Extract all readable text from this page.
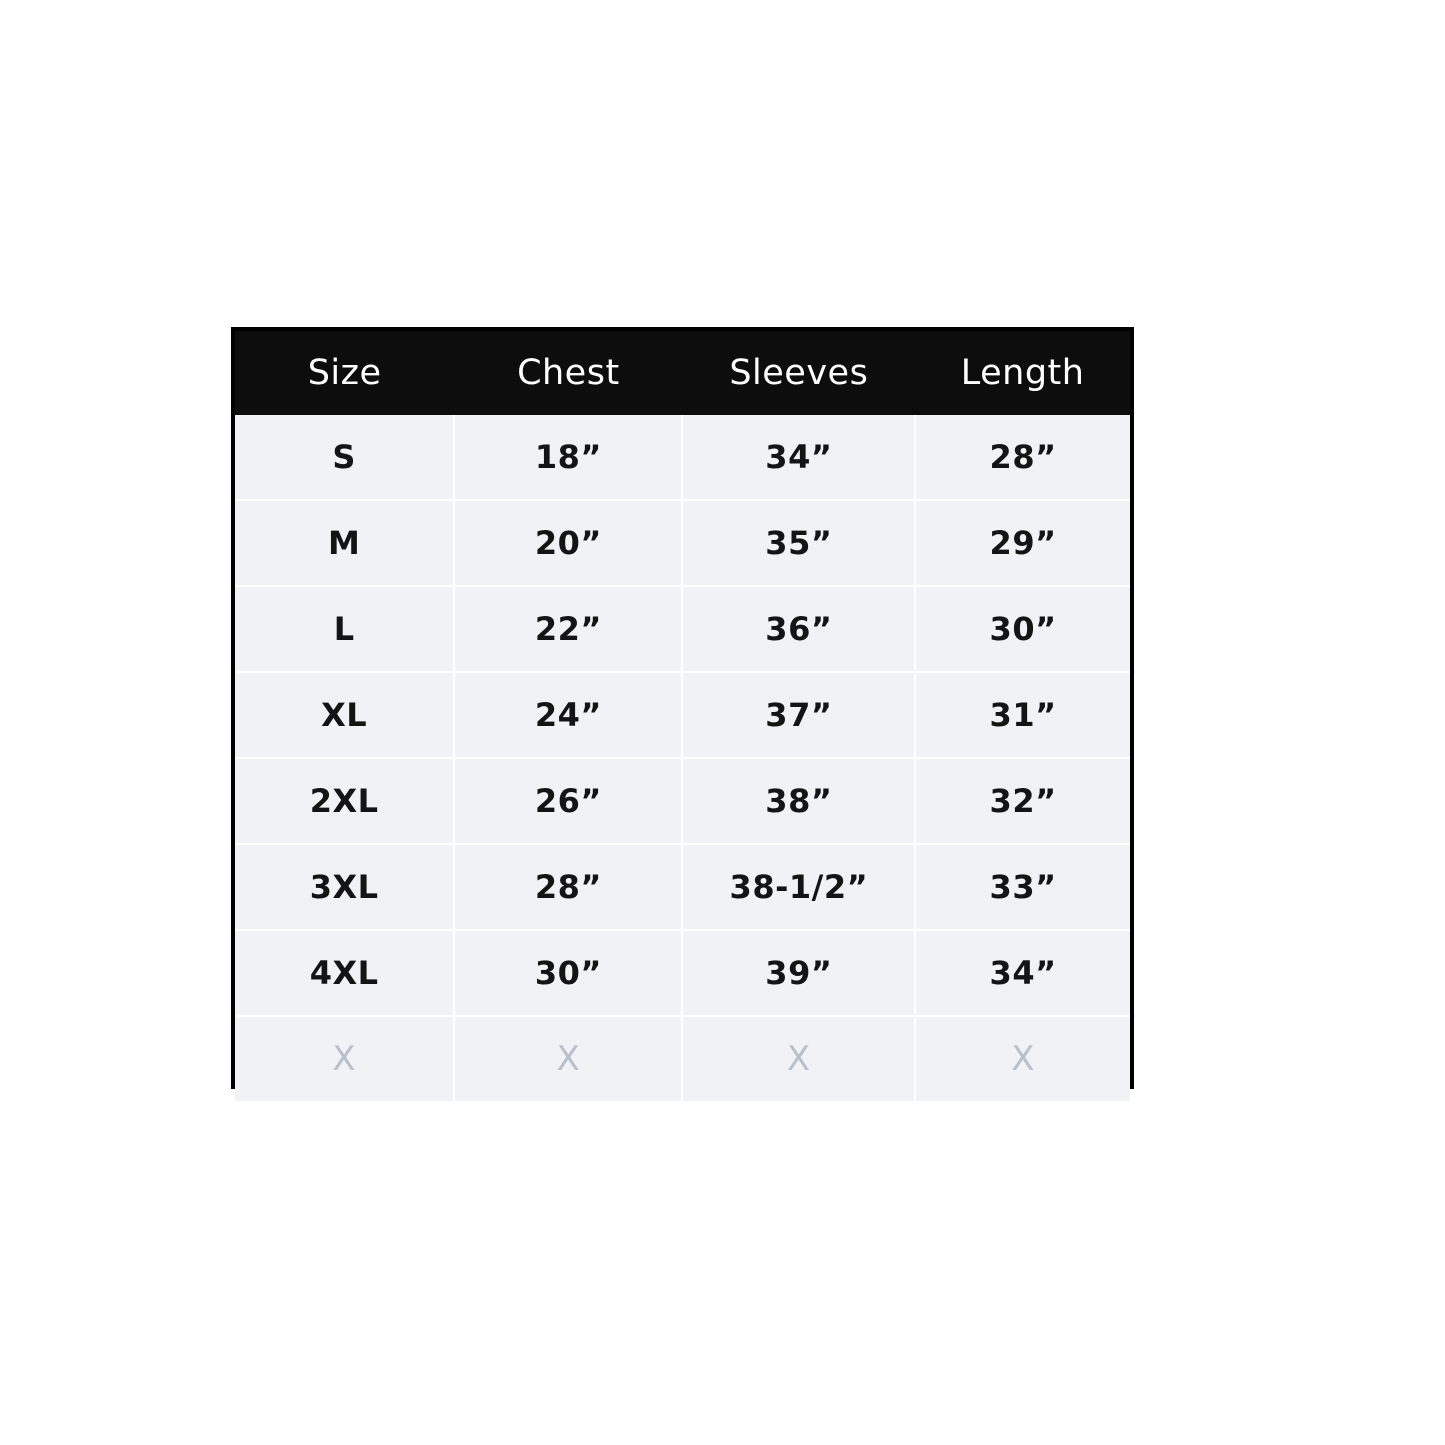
Size	Chest	Sleeves	Length
S	18”	34”	28”
M	20”	35”	29”
L	22”	36”	30”
XL	24”	37”	31”
2XL	26”	38”	32”
3XL	28”	38-1/2”	33”
4XL	30”	39”	34”
X	X	X	X
